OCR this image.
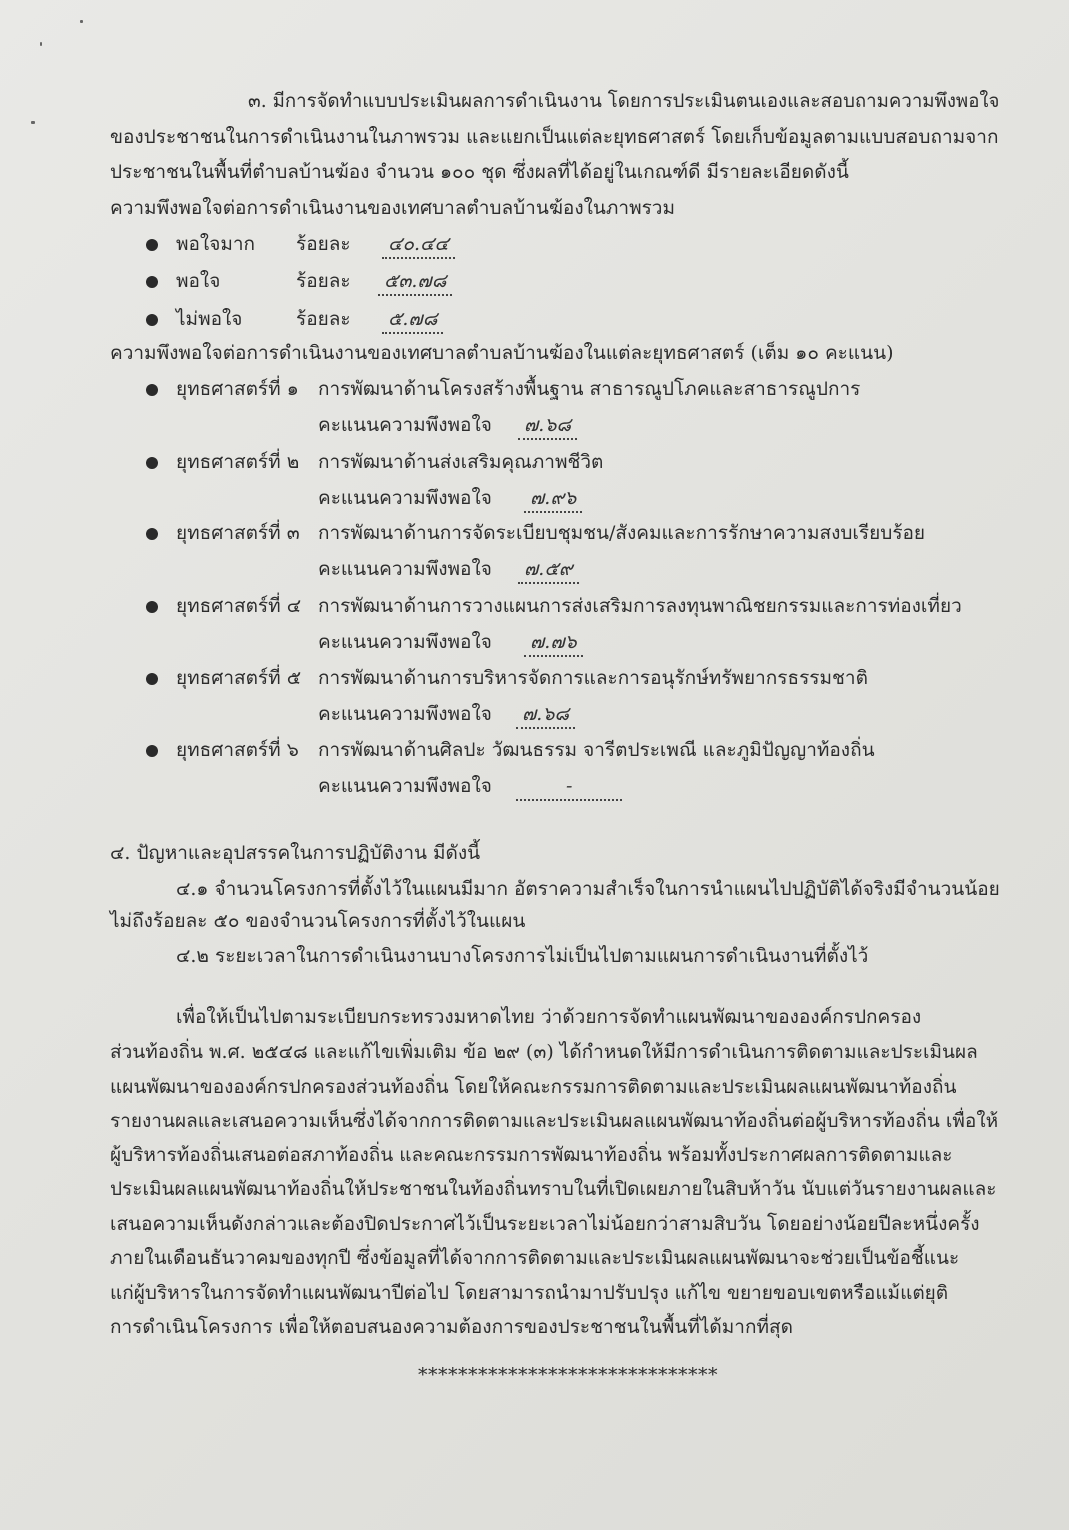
๓. มีการจัดทำแบบประเมินผลการดำเนินงาน โดยการประเมินตนเองและสอบถามความพึงพอใจ
ของประชาชนในการดำเนินงานในภาพรวม และแยกเป็นแต่ละยุทธศาสตร์ โดยเก็บข้อมูลตามแบบสอบถามจาก
ประชาชนในพื้นที่ตำบลบ้านฆ้อง จำนวน ๑๐๐ ชุด ซึ่งผลที่ได้อยู่ในเกณฑ์ดี มีรายละเอียดดังนี้
ความพึงพอใจต่อการดำเนินงานของเทศบาลตำบลบ้านฆ้องในภาพรวม
พอใจมาก ร้อยละ	๔๐.๔๔
พอใจ	ร้อยละ	๕๓.๗๘
ไม่พอใจ	ร้อยละ	๕.๗๘
ความพึงพอใจต่อการดำเนินงานของเทศบาลตำบลบ้านฆ้องในแต่ละยุทธศาสตร์ (เต็ม ๑๐ คะแนน)
ยุทธศาสตร์ที่ ๑ การพัฒนาด้านโครงสร้างพื้นฐาน สาธารณูปโภคและสาธารณูปการ
คะแนนความพึงพอใจ	๗.๖๘
ยุทธศาสตร์ที่ ๒ การพัฒนาด้านส่งเสริมคุณภาพชีวิต
คะแนนความพึงพอใจ	๗.๙๖
ยุทธศาสตร์ที่ ๓ การพัฒนาด้านการจัดระเบียบชุมชน/สังคมและการรักษาความสงบเรียบร้อย
คะแนนความพึงพอใจ	๗.๕๙
ยุทธศาสตร์ที่ ๔ การพัฒนาด้านการวางแผนการส่งเสริมการลงทุนพาณิชยกรรมและการท่องเที่ยว
คะแนนความพึงพอใจ	๗.๗๖
ยุทธศาสตร์ที่ ๕ การพัฒนาด้านการบริหารจัดการและการอนุรักษ์ทรัพยากรธรรมชาติ
คะแนนความพึงพอใจ	๗.๖๘
ยุทธศาสตร์ที่ ๖ การพัฒนาด้านศิลปะ วัฒนธรรม จารีตประเพณี และภูมิปัญญาท้องถิ่น
คะแนนความพึงพอใจ	-
๔. ปัญหาและอุปสรรคในการปฏิบัติงาน มีดังนี้
๔.๑ จำนวนโครงการที่ตั้งไว้ในแผนมีมาก อัตราความสำเร็จในการนำแผนไปปฏิบัติได้จริงมีจำนวนน้อย
ไม่ถึงร้อยละ ๕๐ ของจำนวนโครงการที่ตั้งไว้ในแผน
๔.๒ ระยะเวลาในการดำเนินงานบางโครงการไม่เป็นไปตามแผนการดำเนินงานที่ตั้งไว้
เพื่อให้เป็นไปตามระเบียบกระทรวงมหาดไทย ว่าด้วยการจัดทำแผนพัฒนาขององค์กรปกครอง
ส่วนท้องถิ่น พ.ศ. ๒๕๔๘ และแก้ไขเพิ่มเติม ข้อ ๒๙ (๓) ได้กำหนดให้มีการดำเนินการติดตามและประเมินผล
แผนพัฒนาขององค์กรปกครองส่วนท้องถิ่น โดยให้คณะกรรมการติดตามและประเมินผลแผนพัฒนาท้องถิ่น
รายงานผลและเสนอความเห็นซึ่งได้จากการติดตามและประเมินผลแผนพัฒนาท้องถิ่นต่อผู้บริหารท้องถิ่น เพื่อให้
ผู้บริหารท้องถิ่นเสนอต่อสภาท้องถิ่น และคณะกรรมการพัฒนาท้องถิ่น พร้อมทั้งประกาศผลการติดตามและ
ประเมินผลแผนพัฒนาท้องถิ่นให้ประชาชนในท้องถิ่นทราบในที่เปิดเผยภายในสิบห้าวัน นับแต่วันรายงานผลและ
เสนอความเห็นดังกล่าวและต้องปิดประกาศไว้เป็นระยะเวลาไม่น้อยกว่าสามสิบวัน โดยอย่างน้อยปีละหนึ่งครั้ง
ภายในเดือนธันวาคมของทุกปี ซึ่งข้อมูลที่ได้จากการติดตามและประเมินผลแผนพัฒนาจะช่วยเป็นข้อชี้แนะ
แก่ผู้บริหารในการจัดทำแผนพัฒนาปีต่อไป โดยสามารถนำมาปรับปรุง แก้ไข ขยายขอบเขตหรือแม้แต่ยุติ
การดำเนินโครงการ เพื่อให้ตอบสนองความต้องการของประชาชนในพื้นที่ได้มากที่สุด
******************************
